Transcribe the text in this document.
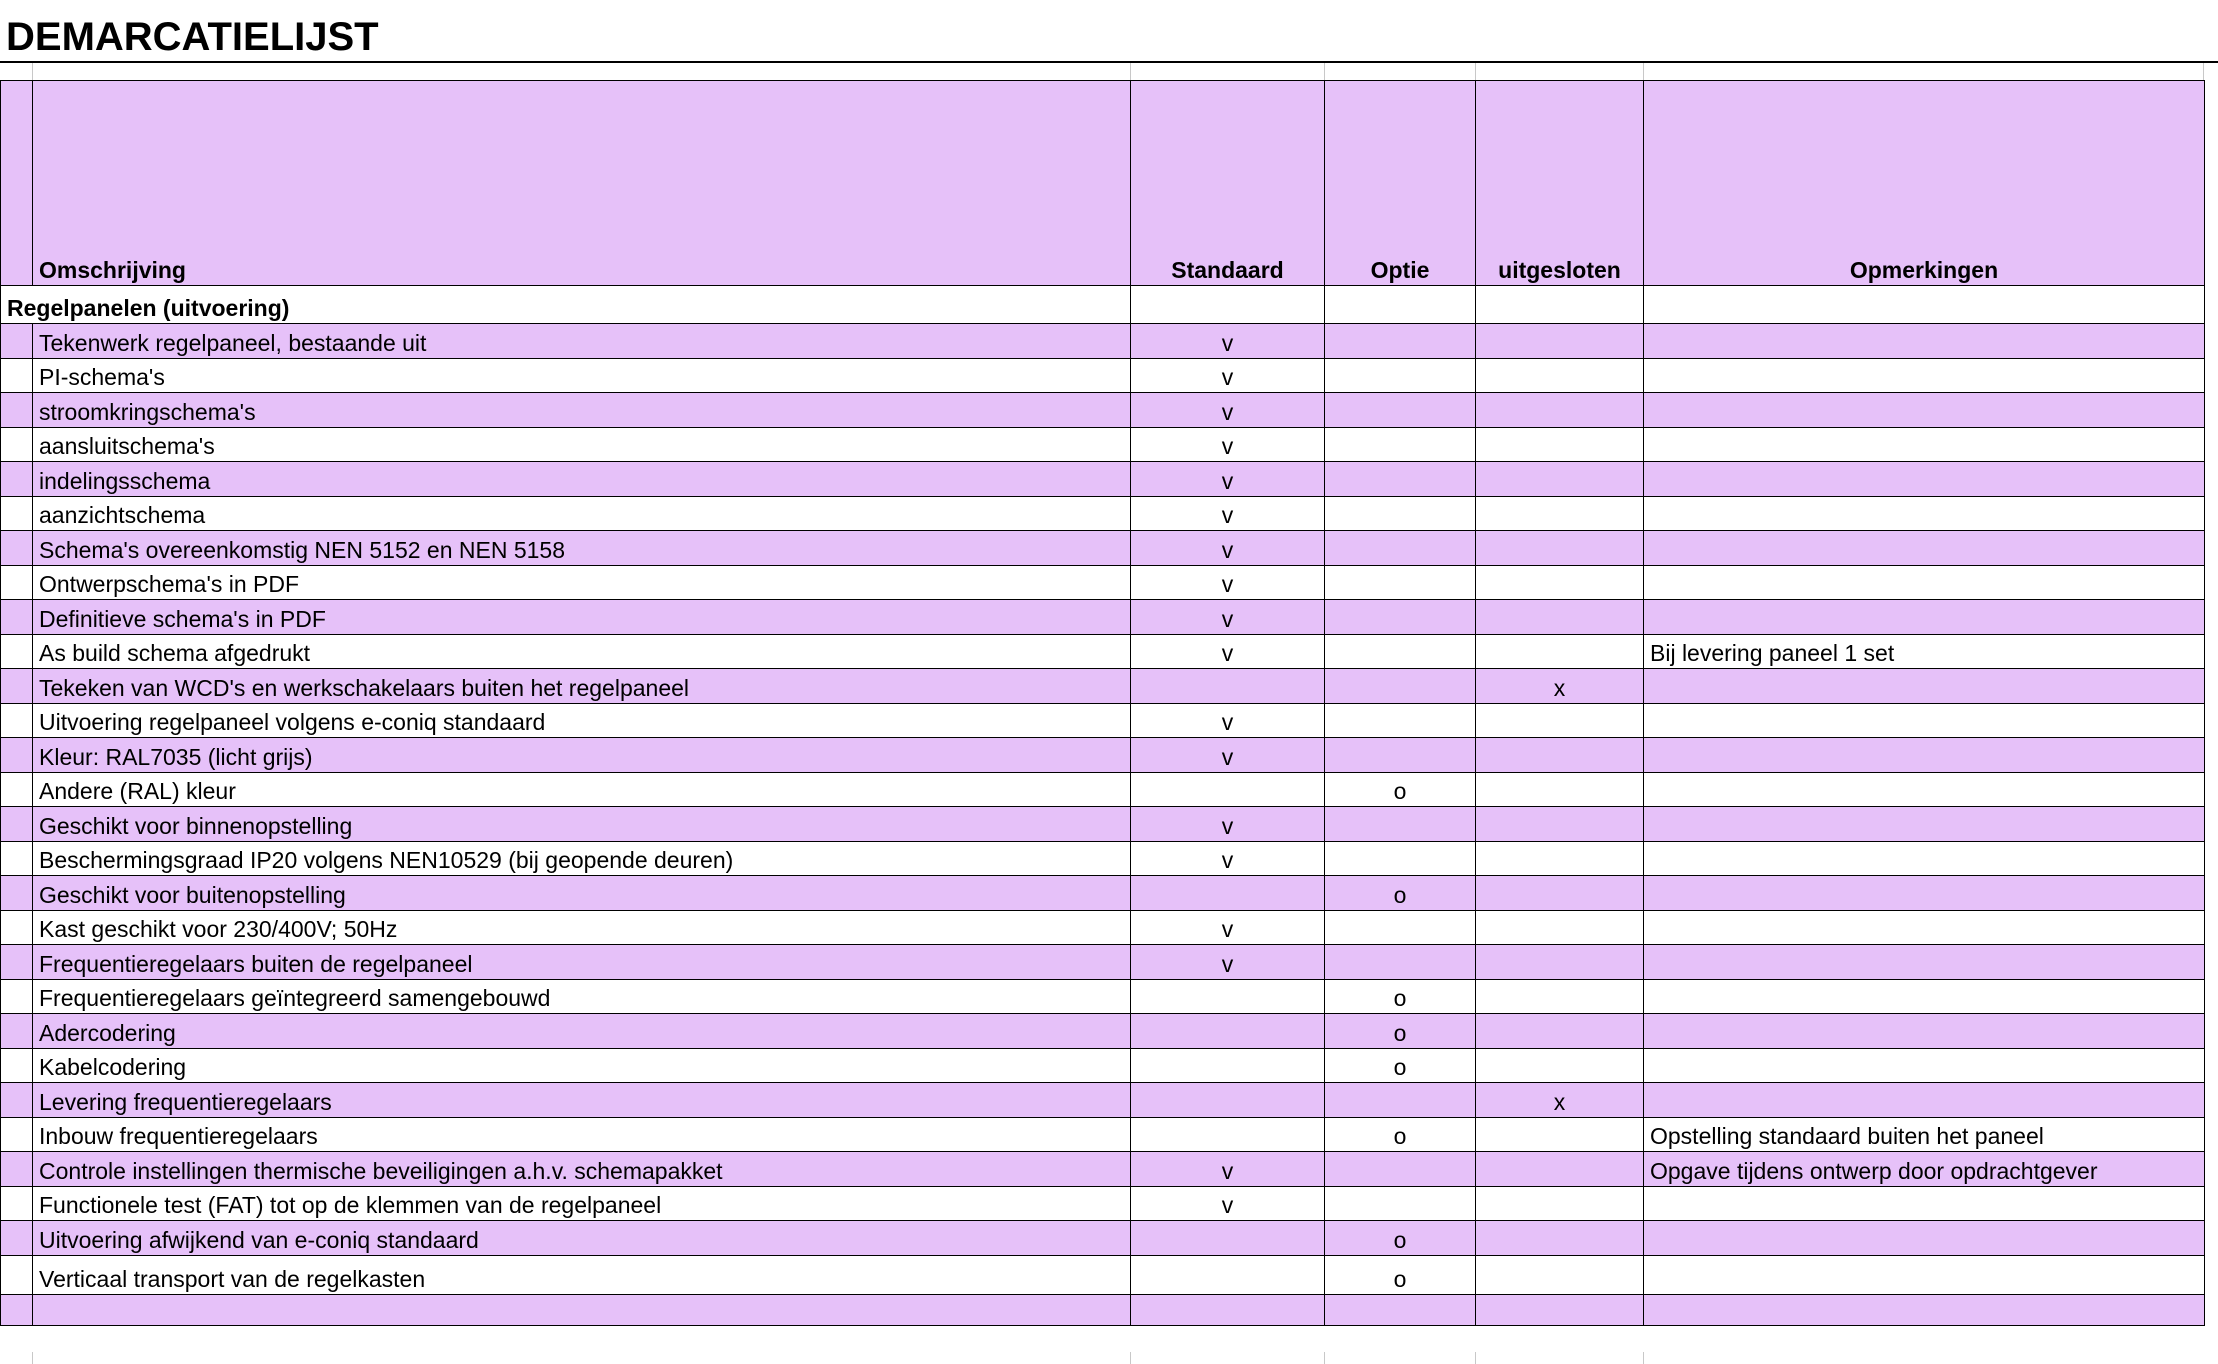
DEMARCATIELIJST
	Omschrijving	Standaard	Optie	uitgesloten	Opmerkingen
Regelpanelen (uitvoering)					
	Tekenwerk regelpaneel, bestaande uit	v			
	PI-schema's	v			
	stroomkringschema's	v			
	aansluitschema's	v			
	indelingsschema	v			
	aanzichtschema	v			
	Schema's overeenkomstig NEN 5152 en NEN 5158	v			
	Ontwerpschema's in PDF	v			
	Definitieve schema's in PDF	v			
	As build schema afgedrukt	v			Bij levering paneel 1 set
	Tekeken van WCD's en werkschakelaars buiten het regelpaneel			x	
	Uitvoering regelpaneel volgens e-coniq standaard	v			
	Kleur: RAL7035 (licht grijs)	v			
	Andere (RAL) kleur		o		
	Geschikt voor binnenopstelling	v			
	Beschermingsgraad IP20 volgens NEN10529 (bij geopende deuren)	v			
	Geschikt voor buitenopstelling		o		
	Kast geschikt voor 230/400V; 50Hz	v			
	Frequentieregelaars buiten de regelpaneel	v			
	Frequentieregelaars geïntegreerd samengebouwd		o		
	Adercodering		o		
	Kabelcodering		o		
	Levering frequentieregelaars			x	
	Inbouw frequentieregelaars		o		Opstelling standaard buiten het paneel
	Controle instellingen thermische beveiligingen a.h.v. schemapakket	v			Opgave tijdens ontwerp door opdrachtgever
	Functionele test (FAT) tot op de klemmen van de regelpaneel	v			
	Uitvoering afwijkend van e-coniq standaard		o		
	Verticaal transport van de regelkasten		o		
